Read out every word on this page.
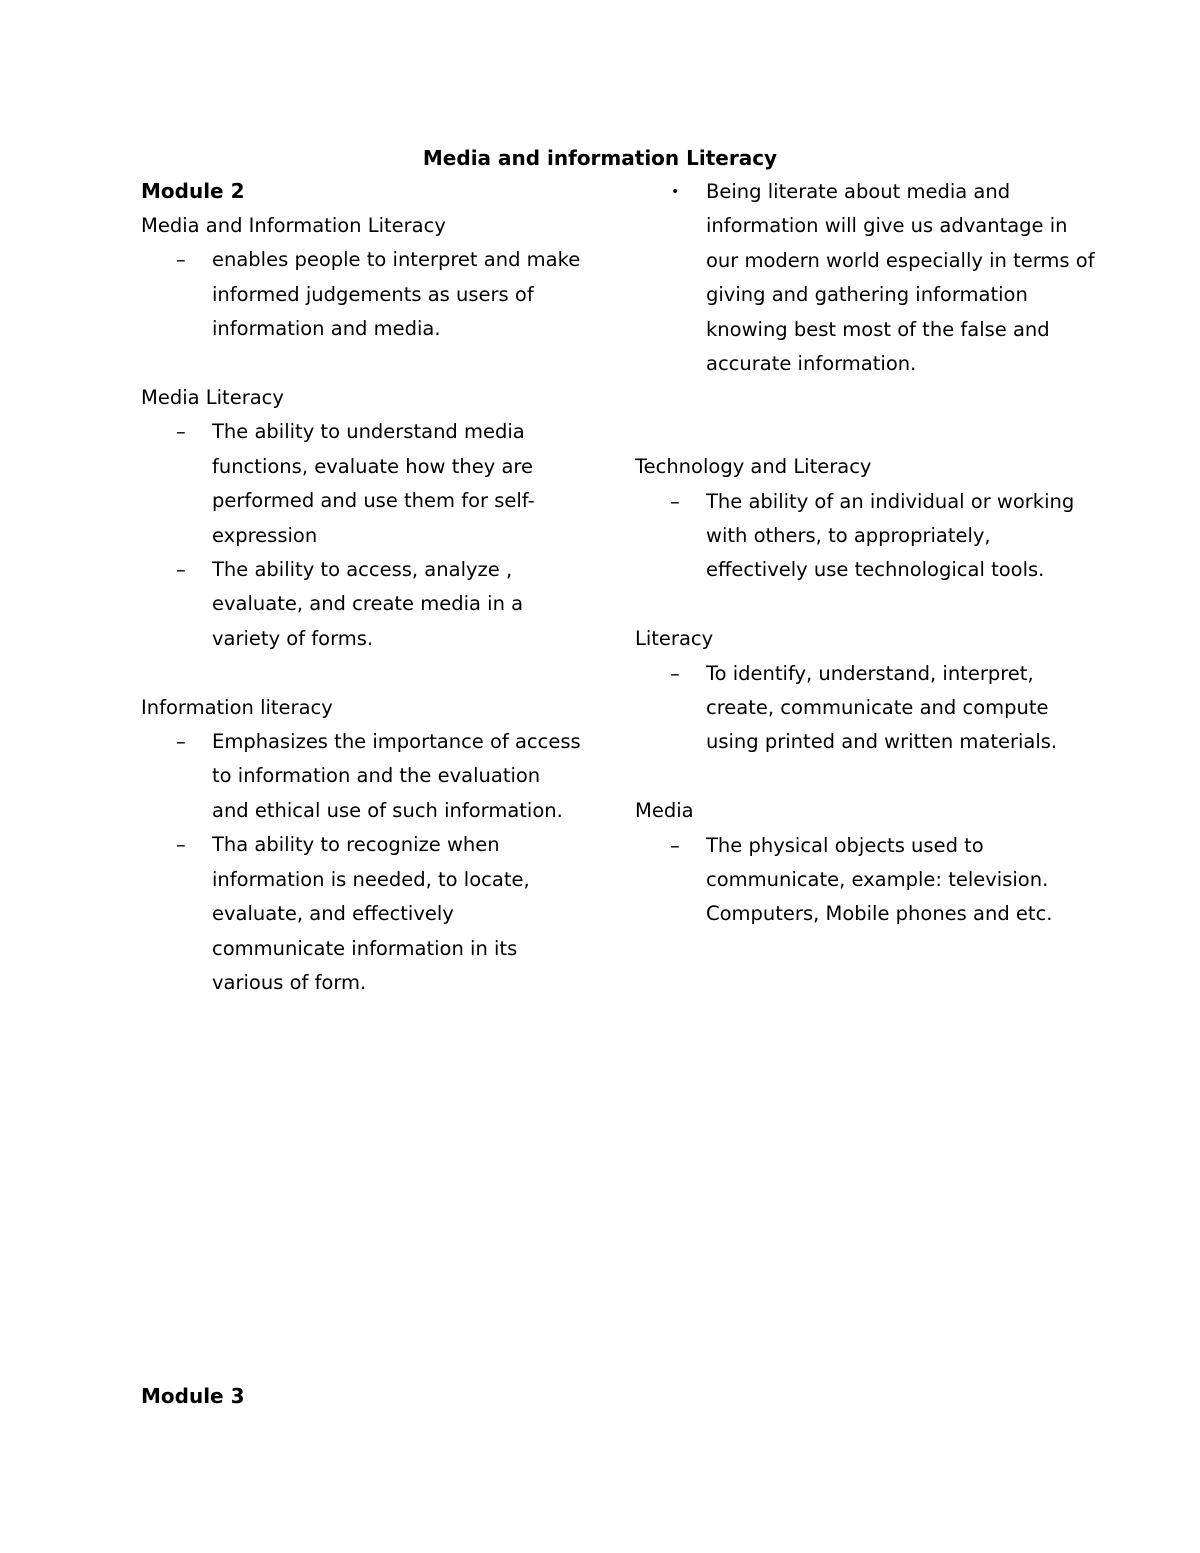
Media and information Literacy
Module 2

Media and Information Literacy

– enables people to interpret and make informed judgements as users of information and media.

Media Literacy

– The ability to understand media functions, evaluate how they are performed and use them for self-expression
– The ability to access, analyze , evaluate, and create media in a variety of forms.

Information literacy

– Emphasizes the importance of access to information and the evaluation and ethical use of such information.
– Tha ability to recognize when information is needed, to locate, evaluate, and effectively communicate information in its various of form.
• Being literate about media and information will give us advantage in our modern world especially in terms of giving and gathering information knowing best most of the false and accurate information.

Technology and Literacy

– The ability of an individual or working with others, to appropriately, effectively use technological tools.

Literacy

– To identify, understand, interpret, create, communicate and compute using printed and written materials.

Media

– The physical objects used to communicate, example: television. Computers, Mobile phones and etc.
Module 3
